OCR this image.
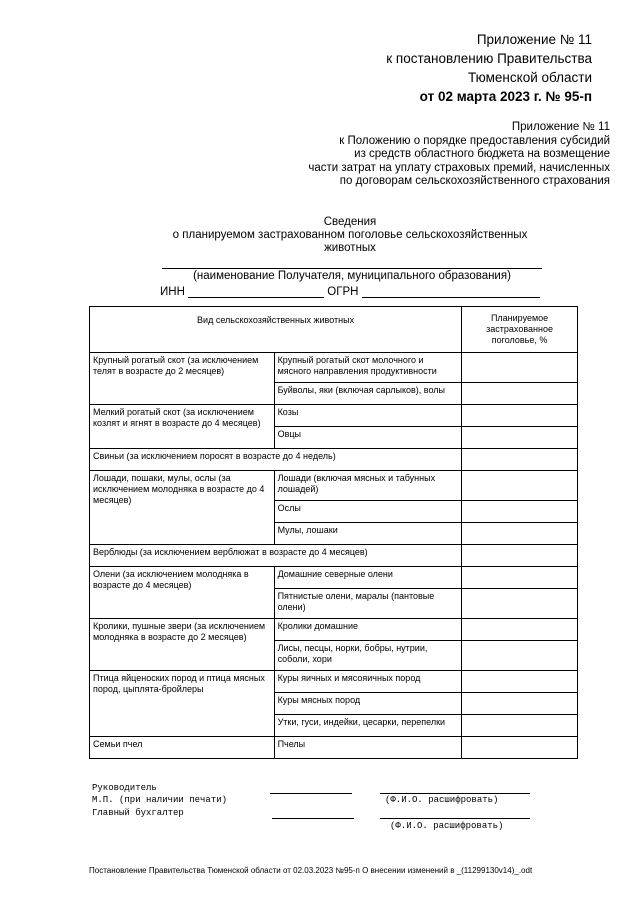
Приложение № 11
к постановлению Правительства
Тюменской области
от 02 марта 2023 г. № 95-п
Приложение № 11
к Положению о порядке предоставления субсидий
из средств областного бюджета на возмещение
части затрат на уплату страховых премий, начисленных
по договорам сельскохозяйственного страхования
Сведения
о планируемом застрахованном поголовье сельскохозяйственных
животных
(наименование Получателя, муниципального образования)
ИНН	ОГРН
Вид сельскохозяйственных животных		Планируемое застрахованное поголовье, %
Крупный рогатый скот (за исключением телят в возрасте до 2 месяцев)	Крупный рогатый скот молочного и мясного направления продуктивности	
	Буйволы, яки (включая сарлыков), волы	
Мелкий рогатый скот (за исключением козлят и ягнят в возрасте до 4 месяцев)	Козы	
	Овцы	
Свиньи (за исключением поросят в возрасте до 4 недель)		
Лошади, пошаки, мулы, ослы (за исключением молодняка в возрасте до 4 месяцев)	Лошади (включая мясных и табунных лошадей)	
	Ослы	
	Мулы, лошаки	
Верблюды (за исключением верблюжат в возрасте до 4 месяцев)		
Олени (за исключением молодняка в возрасте до 4 месяцев)	Домашние северные олени	
	Пятнистые олени, маралы (пантовые олени)	
Кролики, пушные звери (за исключением молодняка в возрасте до 2 месяцев)	Кролики домашние	
	Лисы, песцы, норки, бобры, нутрии, соболи, хори	
Птица яйценоских пород и птица мясных пород, цыплята-бройлеры	Куры яичных и мясояичных пород	
	Куры мясных пород	
	Утки, гуси, индейки, цесарки, перепелки	
Семьи пчел	Пчелы	
Руководитель
М.П. (при наличии печати)	(Ф.И.О. расшифровать)
Главный бухгалтер
(Ф.И.О. расшифровать)
Постановление Правительства Тюменской области от 02.03.2023 №95-п О внесении изменений в _(11299130v14)_.odt
